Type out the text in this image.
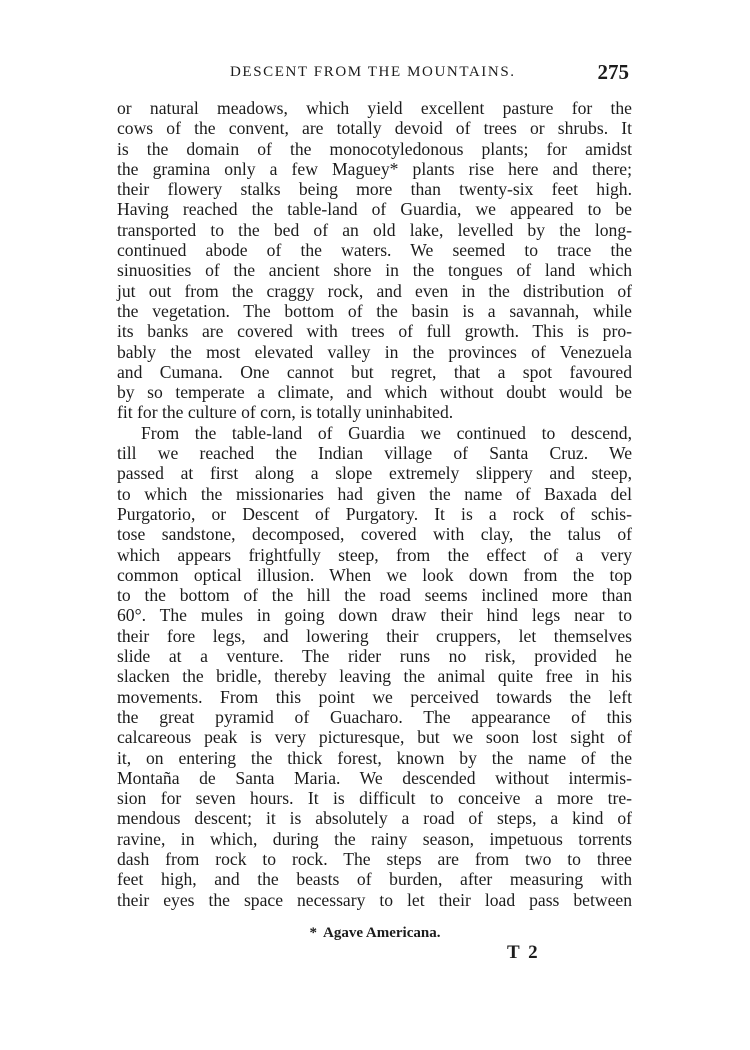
DESCENT FROM THE MOUNTAINS.	275
or natural meadows, which yield excellent pasture for the
cows of the convent, are totally devoid of trees or shrubs. It
is the domain of the monocotyledonous plants; for amidst
the gramina only a few Maguey* plants rise here and there;
their flowery stalks being more than twenty-six feet high.
Having reached the table-land of Guardia, we appeared to be
transported to the bed of an old lake, levelled by the long-
continued abode of the waters. We seemed to trace the
sinuosities of the ancient shore in the tongues of land which
jut out from the craggy rock, and even in the distribution of
the vegetation. The bottom of the basin is a savannah, while
its banks are covered with trees of full growth. This is pro-
bably the most elevated valley in the provinces of Venezuela
and Cumana. One cannot but regret, that a spot favoured
by so temperate a climate, and which without doubt would be
fit for the culture of corn, is totally uninhabited.
From the table-land of Guardia we continued to descend,
till we reached the Indian village of Santa Cruz. We
passed at first along a slope extremely slippery and steep,
to which the missionaries had given the name of Baxada del
Purgatorio, or Descent of Purgatory. It is a rock of schis-
tose sandstone, decomposed, covered with clay, the talus of
which appears frightfully steep, from the effect of a very
common optical illusion. When we look down from the top
to the bottom of the hill the road seems inclined more than
60°. The mules in going down draw their hind legs near to
their fore legs, and lowering their cruppers, let themselves
slide at a venture. The rider runs no risk, provided he
slacken the bridle, thereby leaving the animal quite free in his
movements. From this point we perceived towards the left
the great pyramid of Guacharo. The appearance of this
calcareous peak is very picturesque, but we soon lost sight of
it, on entering the thick forest, known by the name of the
Montaña de Santa Maria. We descended without intermis-
sion for seven hours. It is difficult to conceive a more tre-
mendous descent; it is absolutely a road of steps, a kind of
ravine, in which, during the rainy season, impetuous torrents
dash from rock to rock. The steps are from two to three
feet high, and the beasts of burden, after measuring with
their eyes the space necessary to let their load pass between
* Agave Americana.
T 2
